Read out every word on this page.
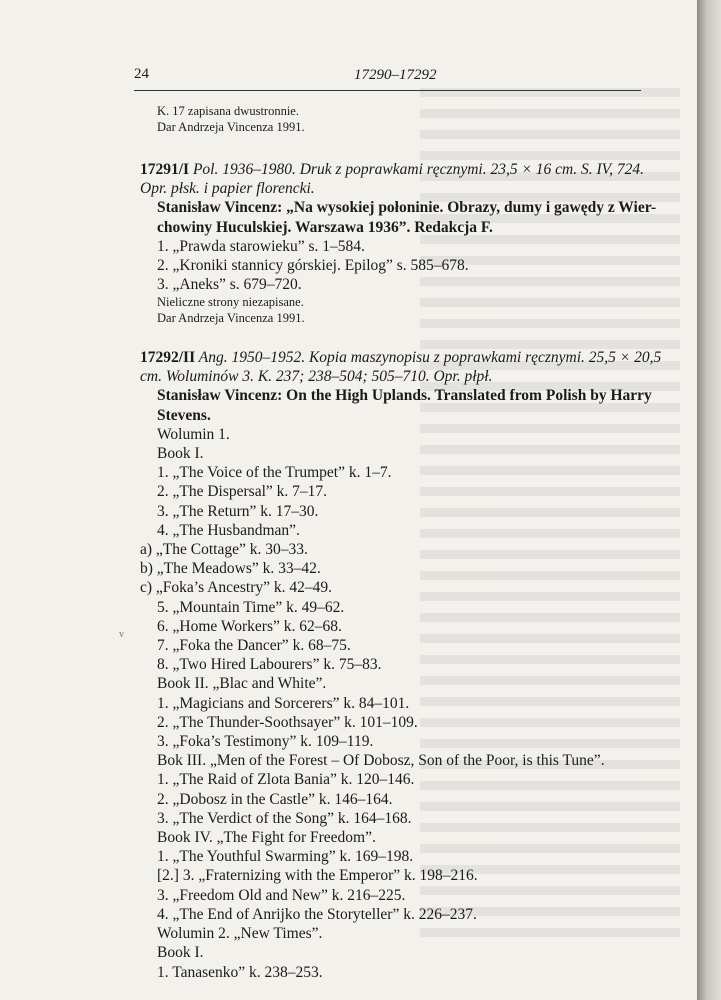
24	17290–17292
K. 17 zapisana dwustronnie.
Dar Andrzeja Vincenza 1991.
17291/I Pol. 1936–1980. Druk z poprawkami ręcznymi. 23,5 × 16 cm. S. IV, 724.
Opr. płsk. i papier florencki.
Stanisław Vincenz: „Na wysokiej połoninie. Obrazy, dumy i gawędy z Wier-
chowiny Huculskiej. Warszawa 1936”. Redakcja F.
1. „Prawda starowieku” s. 1–584.
2. „Kroniki stannicy górskiej. Epilog” s. 585–678.
3. „Aneks” s. 679–720.
Nieliczne strony niezapisane.
Dar Andrzeja Vincenza 1991.
17292/II Ang. 1950–1952. Kopia maszynopisu z poprawkami ręcznymi. 25,5 × 20,5
cm. Woluminów 3. K. 237; 238–504; 505–710. Opr. płpł.
Stanisław Vincenz: On the High Uplands. Translated from Polish by Harry
Stevens.
Wolumin 1.
Book I.
1. „The Voice of the Trumpet” k. 1–7.
2. „The Dispersal” k. 7–17.
3. „The Return” k. 17–30.
4. „The Husbandman”.
a) „The Cottage” k. 30–33.
b) „The Meadows” k. 33–42.
c) „Foka’s Ancestry” k. 42–49.
5. „Mountain Time” k. 49–62.
6. „Home Workers” k. 62–68.
7. „Foka the Dancer” k. 68–75.
8. „Two Hired Labourers” k. 75–83.
Book II. „Blac and White”.
1. „Magicians and Sorcerers” k. 84–101.
2. „The Thunder-Soothsayer” k. 101–109.
3. „Foka’s Testimony” k. 109–119.
Bok III. „Men of the Forest – Of Dobosz, Son of the Poor, is this Tune”.
1. „The Raid of Zlota Bania” k. 120–146.
2. „Dobosz in the Castle” k. 146–164.
3. „The Verdict of the Song” k. 164–168.
Book IV. „The Fight for Freedom”.
1. „The Youthful Swarming” k. 169–198.
[2.] 3. „Fraternizing with the Emperor” k. 198–216.
3. „Freedom Old and New” k. 216–225.
4. „The End of Anrijko the Storyteller” k. 226–237.
Wolumin 2. „New Times”.
Book I.
1. Tanasenko” k. 238–253.
v
